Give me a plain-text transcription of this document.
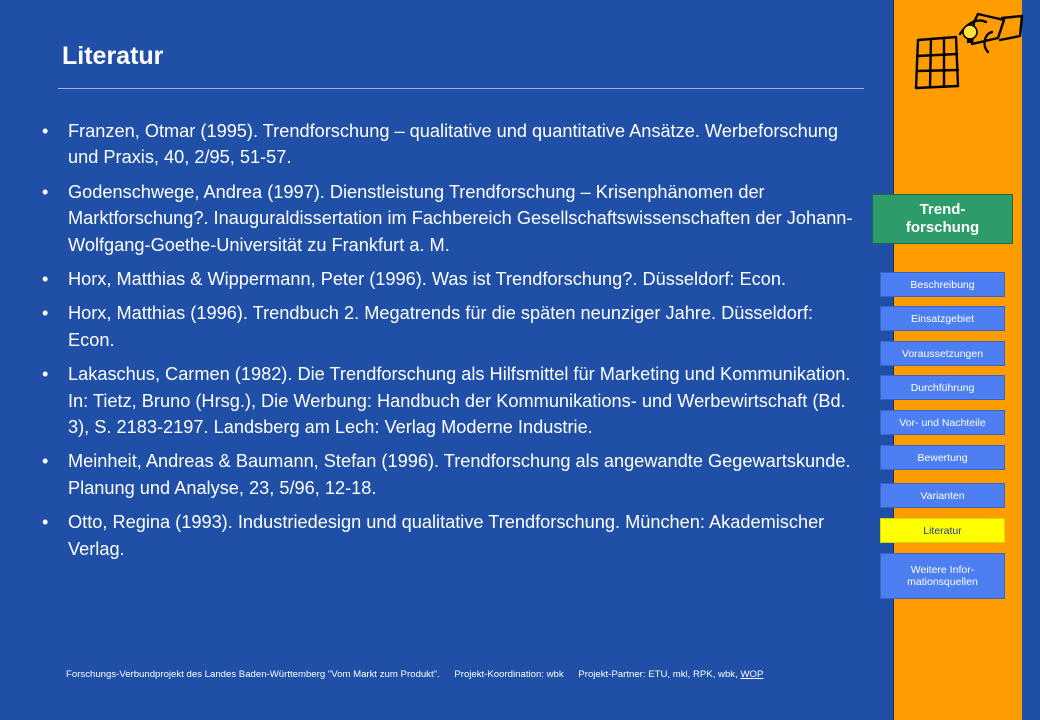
Literatur
• Franzen, Otmar (1995). Trendforschung – qualitative und quantitative Ansätze. Werbeforschung und Praxis, 40, 2/95, 51-57.
• Godenschwege, Andrea (1997). Dienstleistung Trendforschung – Krisenphänomen der Marktforschung?. Inauguraldissertation im Fachbereich Gesellschaftswissenschaften der Johann-Wolfgang-Goethe-Universität zu Frankfurt a. M.
• Horx, Matthias & Wippermann, Peter (1996). Was ist Trendforschung?. Düsseldorf: Econ.
• Horx, Matthias (1996). Trendbuch 2. Megatrends für die späten neunziger Jahre. Düsseldorf: Econ.
• Lakaschus, Carmen (1982). Die Trendforschung als Hilfsmittel für Marketing und Kommunikation. In: Tietz, Bruno (Hrsg.), Die Werbung: Handbuch der Kommunikations- und Werbewirtschaft (Bd. 3), S. 2183-2197. Landsberg am Lech: Verlag Moderne Industrie.
• Meinheit, Andreas & Baumann, Stefan (1996). Trendforschung als angewandte Gegewartskunde. Planung und Analyse, 23, 5/96, 12-18.
• Otto, Regina (1993). Industriedesign und qualitative Trendforschung. München: Akademischer Verlag.
Forschungs-Verbundprojekt des Landes Baden-Württemberg "Vom Markt zum Produkt". Projekt-Koordination: wbk Projekt-Partner: ETU, mkl, RPK, wbk, WOP
Trend-
forschung
Beschreibung
Einsatzgebiet
Voraussetzungen
Durchführung
Vor- und Nachteile
Bewertung
Varianten
Literatur
Weitere Infor-
mationsquellen
